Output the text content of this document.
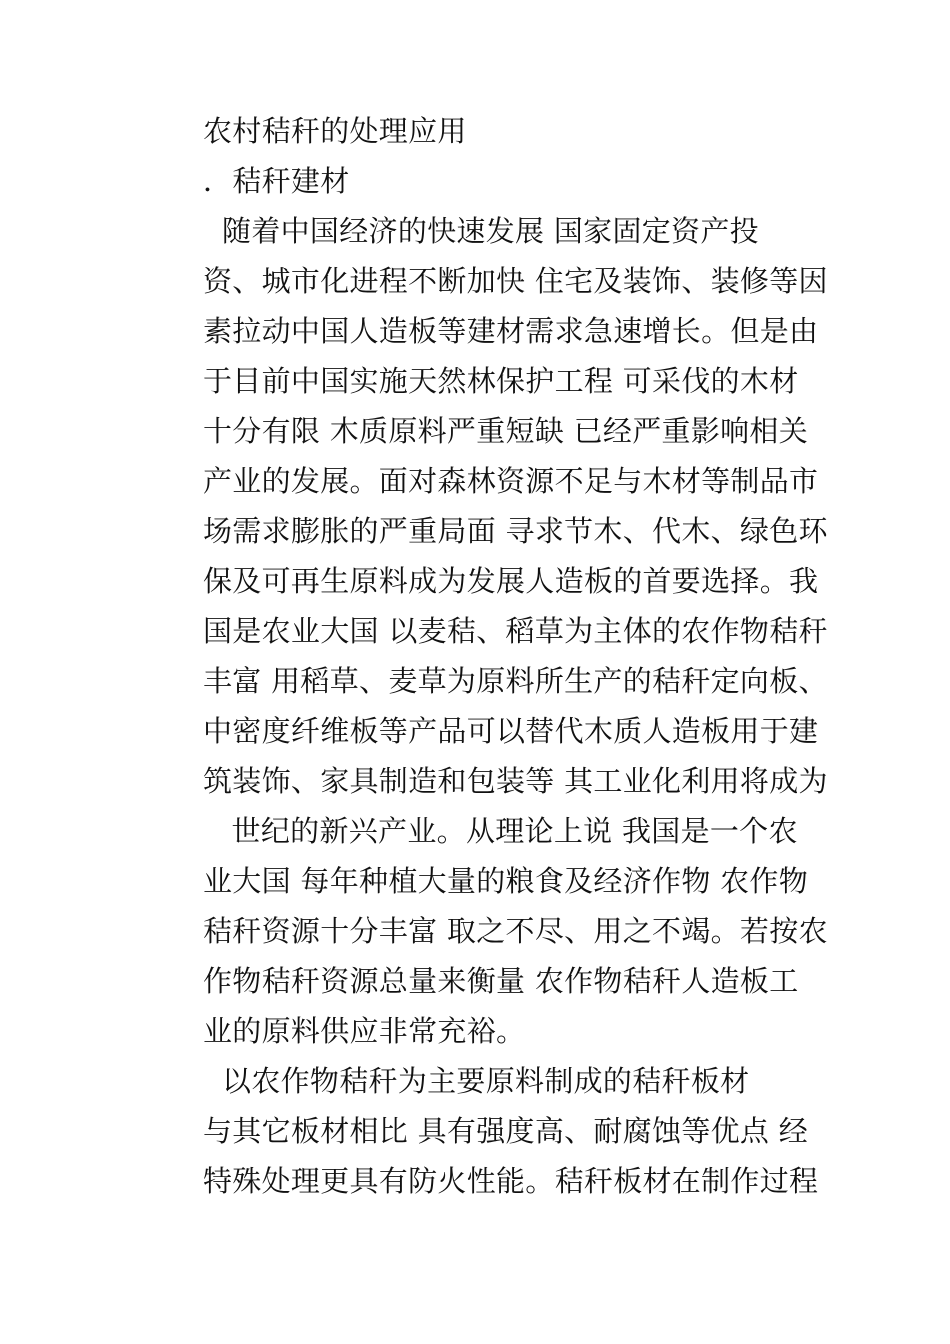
农村秸秆的处理应用
．秸秆建材
随着中国经济的快速发展 国家固定资产投
资、城市化进程不断加快 住宅及装饰、装修等因
素拉动中国人造板等建材需求急速增长。但是由
于目前中国实施天然林保护工程 可采伐的木材
十分有限 木质原料严重短缺 已经严重影响相关
产业的发展。面对森林资源不足与木材等制品市
场需求膨胀的严重局面 寻求节木、代木、绿色环
保及可再生原料成为发展人造板的首要选择。我
国是农业大国 以麦秸、稻草为主体的农作物秸秆
丰富 用稻草、麦草为原料所生产的秸秆定向板、
中密度纤维板等产品可以替代木质人造板用于建
筑装饰、家具制造和包装等 其工业化利用将成为
世纪的新兴产业。从理论上说 我国是一个农
业大国 每年种植大量的粮食及经济作物 农作物
秸秆资源十分丰富 取之不尽、用之不竭。若按农
作物秸秆资源总量来衡量 农作物秸秆人造板工
业的原料供应非常充裕。
以农作物秸秆为主要原料制成的秸秆板材
与其它板材相比 具有强度高、耐腐蚀等优点 经
特殊处理更具有防火性能。秸秆板材在制作过程
